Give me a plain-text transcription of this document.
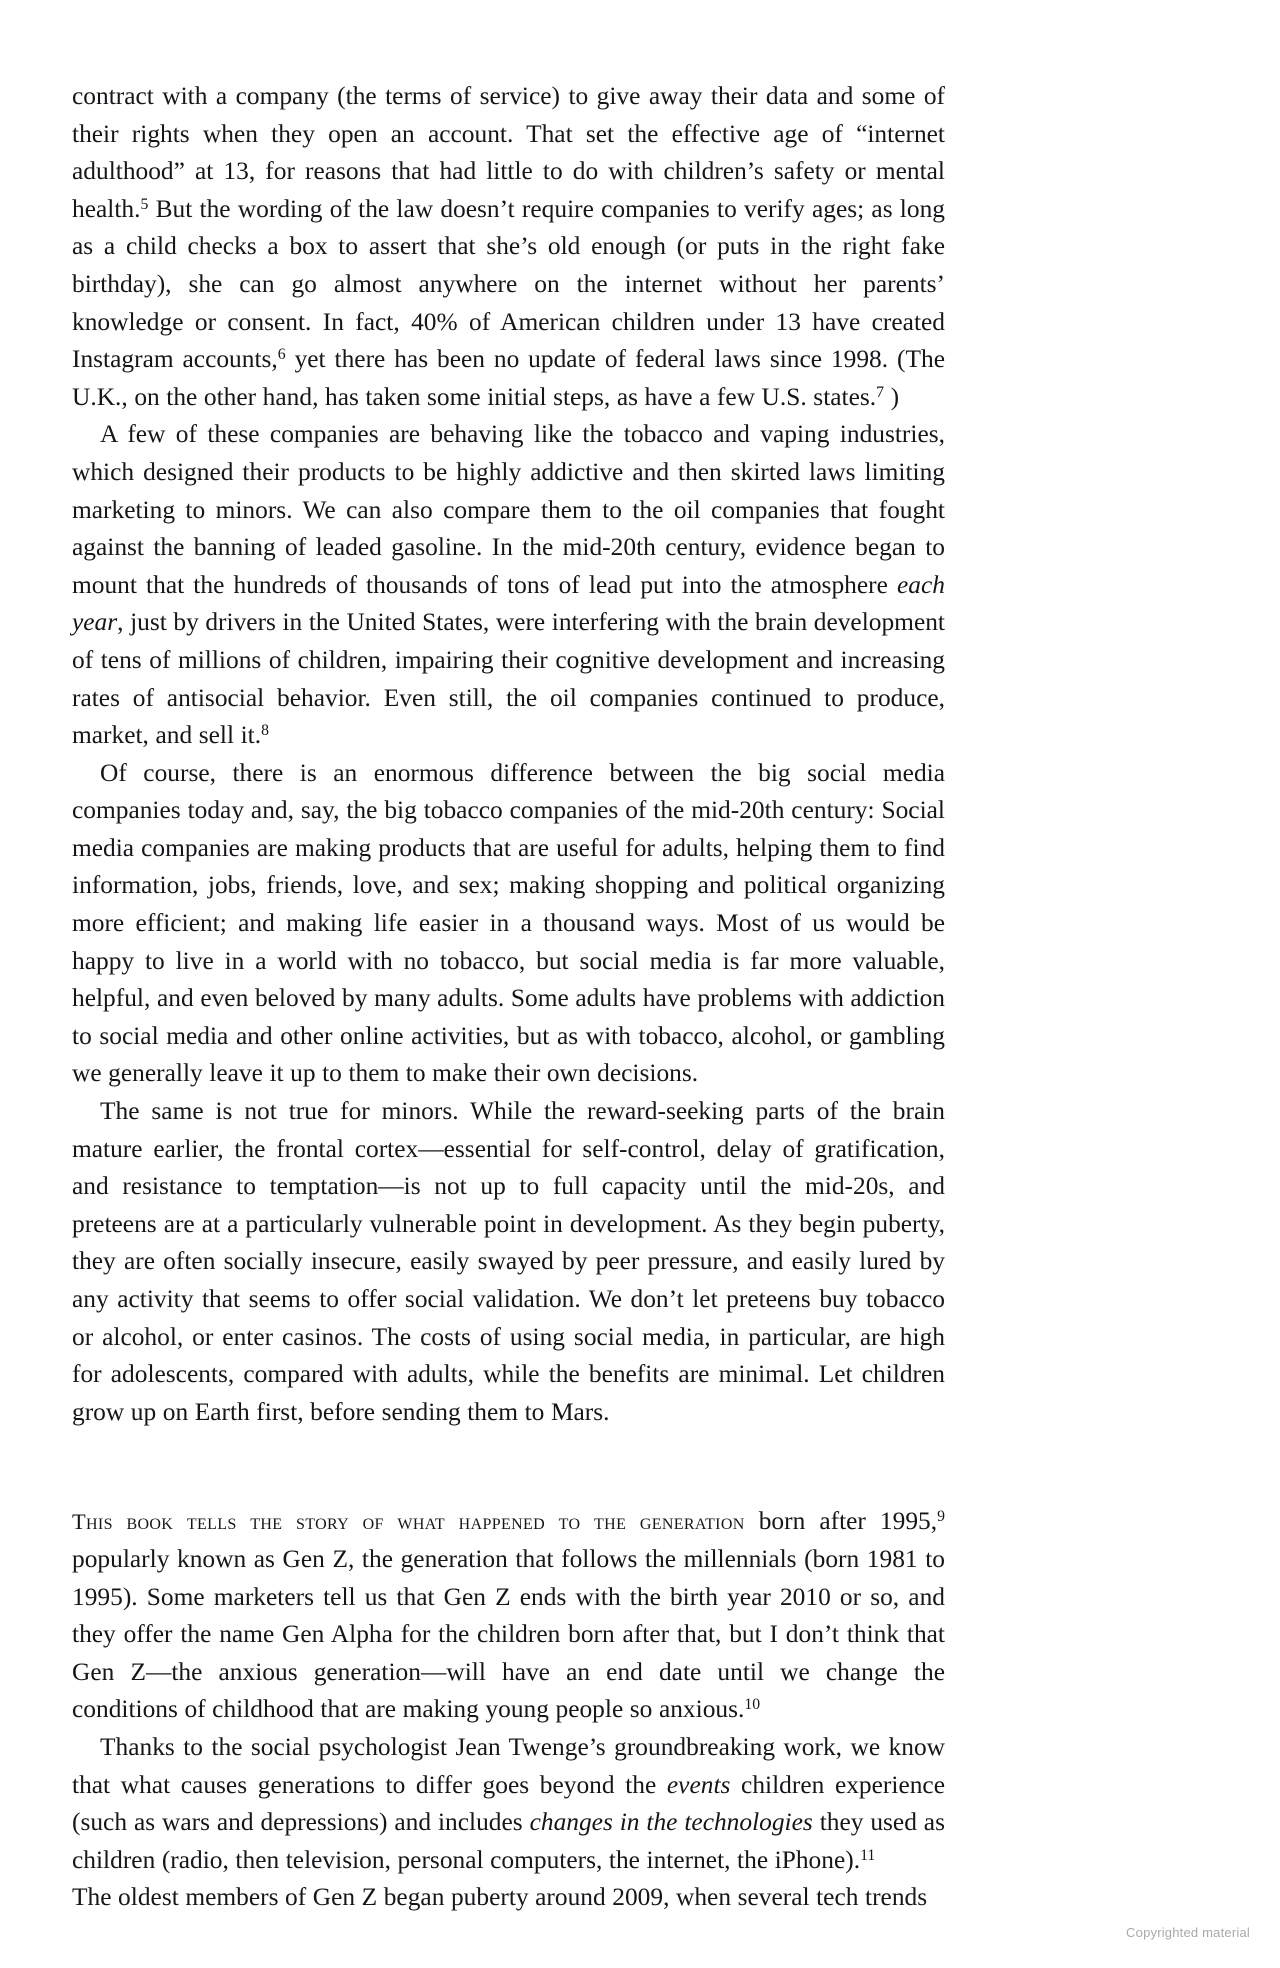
contract with a company (the terms of service) to give away their data and some of their rights when they open an account. That set the effective age of “internet adulthood” at 13, for reasons that had little to do with children’s safety or mental health.$^5$ But the wording of the law doesn’t require companies to verify ages; as long as a child checks a box to assert that she’s old enough (or puts in the right fake birthday), she can go almost anywhere on the internet without her parents’ knowledge or consent. In fact, 40% of American children under 13 have created Instagram accounts,$^6$ yet there has been no update of federal laws since 1998. (The U.K., on the other hand, has taken some initial steps, as have a few U.S. states.$^7$ )

A few of these companies are behaving like the tobacco and vaping industries, which designed their products to be highly addictive and then skirted laws limiting marketing to minors. We can also compare them to the oil companies that fought against the banning of leaded gasoline. In the mid-20th century, evidence began to mount that the hundreds of thousands of tons of lead put into the atmosphere each year, just by drivers in the United States, were interfering with the brain development of tens of millions of children, impairing their cognitive development and increasing rates of antisocial behavior. Even still, the oil companies continued to produce, market, and sell it.$^8$

Of course, there is an enormous difference between the big social media companies today and, say, the big tobacco companies of the mid-20th century: Social media companies are making products that are useful for adults, helping them to find information, jobs, friends, love, and sex; making shopping and political organizing more efficient; and making life easier in a thousand ways. Most of us would be happy to live in a world with no tobacco, but social media is far more valuable, helpful, and even beloved by many adults. Some adults have problems with addiction to social media and other online activities, but as with tobacco, alcohol, or gambling we generally leave it up to them to make their own decisions.

The same is not true for minors. While the reward-seeking parts of the brain mature earlier, the frontal cortex—essential for self-control, delay of gratification, and resistance to temptation—is not up to full capacity until the mid-20s, and preteens are at a particularly vulnerable point in development. As they begin puberty, they are often socially insecure, easily swayed by peer pressure, and easily lured by any activity that seems to offer social validation. We don’t let preteens buy tobacco or alcohol, or enter casinos. The costs of using social media, in particular, are high for adolescents, compared with adults, while the benefits are minimal. Let children grow up on Earth first, before sending them to Mars.

This book tells the story of what happened to the generation born after 1995,$^9$ popularly known as Gen Z, the generation that follows the millennials (born 1981 to 1995). Some marketers tell us that Gen Z ends with the birth year 2010 or so, and they offer the name Gen Alpha for the children born after that, but I don’t think that Gen Z—the anxious generation—will have an end date until we change the conditions of childhood that are making young people so anxious.$^{10}$

Thanks to the social psychologist Jean Twenge’s groundbreaking work, we know that what causes generations to differ goes beyond the events children experience (such as wars and depressions) and includes changes in the technologies they used as children (radio, then television, personal computers, the internet, the iPhone).$^{11}$

The oldest members of Gen Z began puberty around 2009, when several tech trends

Copyrighted material
